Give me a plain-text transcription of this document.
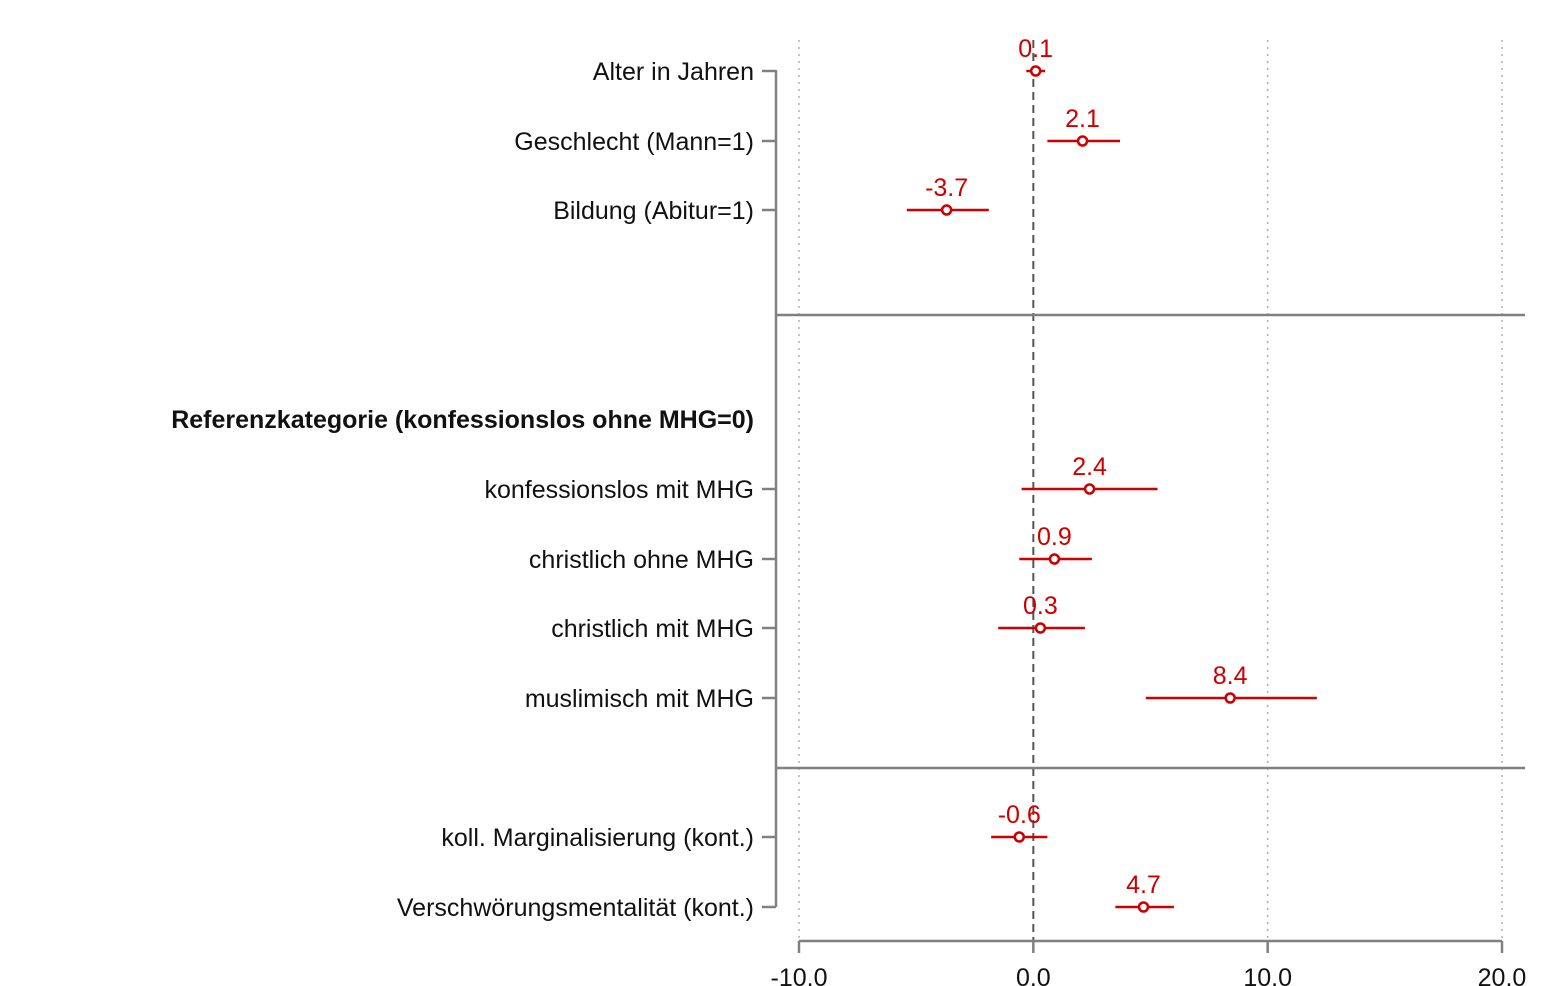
-10.0	0.0	10.0	20.0
Alter in Jahren
0.1
Geschlecht (Mann=1)
2.1
Bildung (Abitur=1)
-3.7
Referenzkategorie (konfessionslos ohne MHG=0)
konfessionslos mit MHG
2.4
christlich ohne MHG
0.9
christlich mit MHG
0.3
muslimisch mit MHG
8.4
koll. Marginalisierung (kont.)
-0.6
Verschwörungsmentalität (kont.)
4.7
